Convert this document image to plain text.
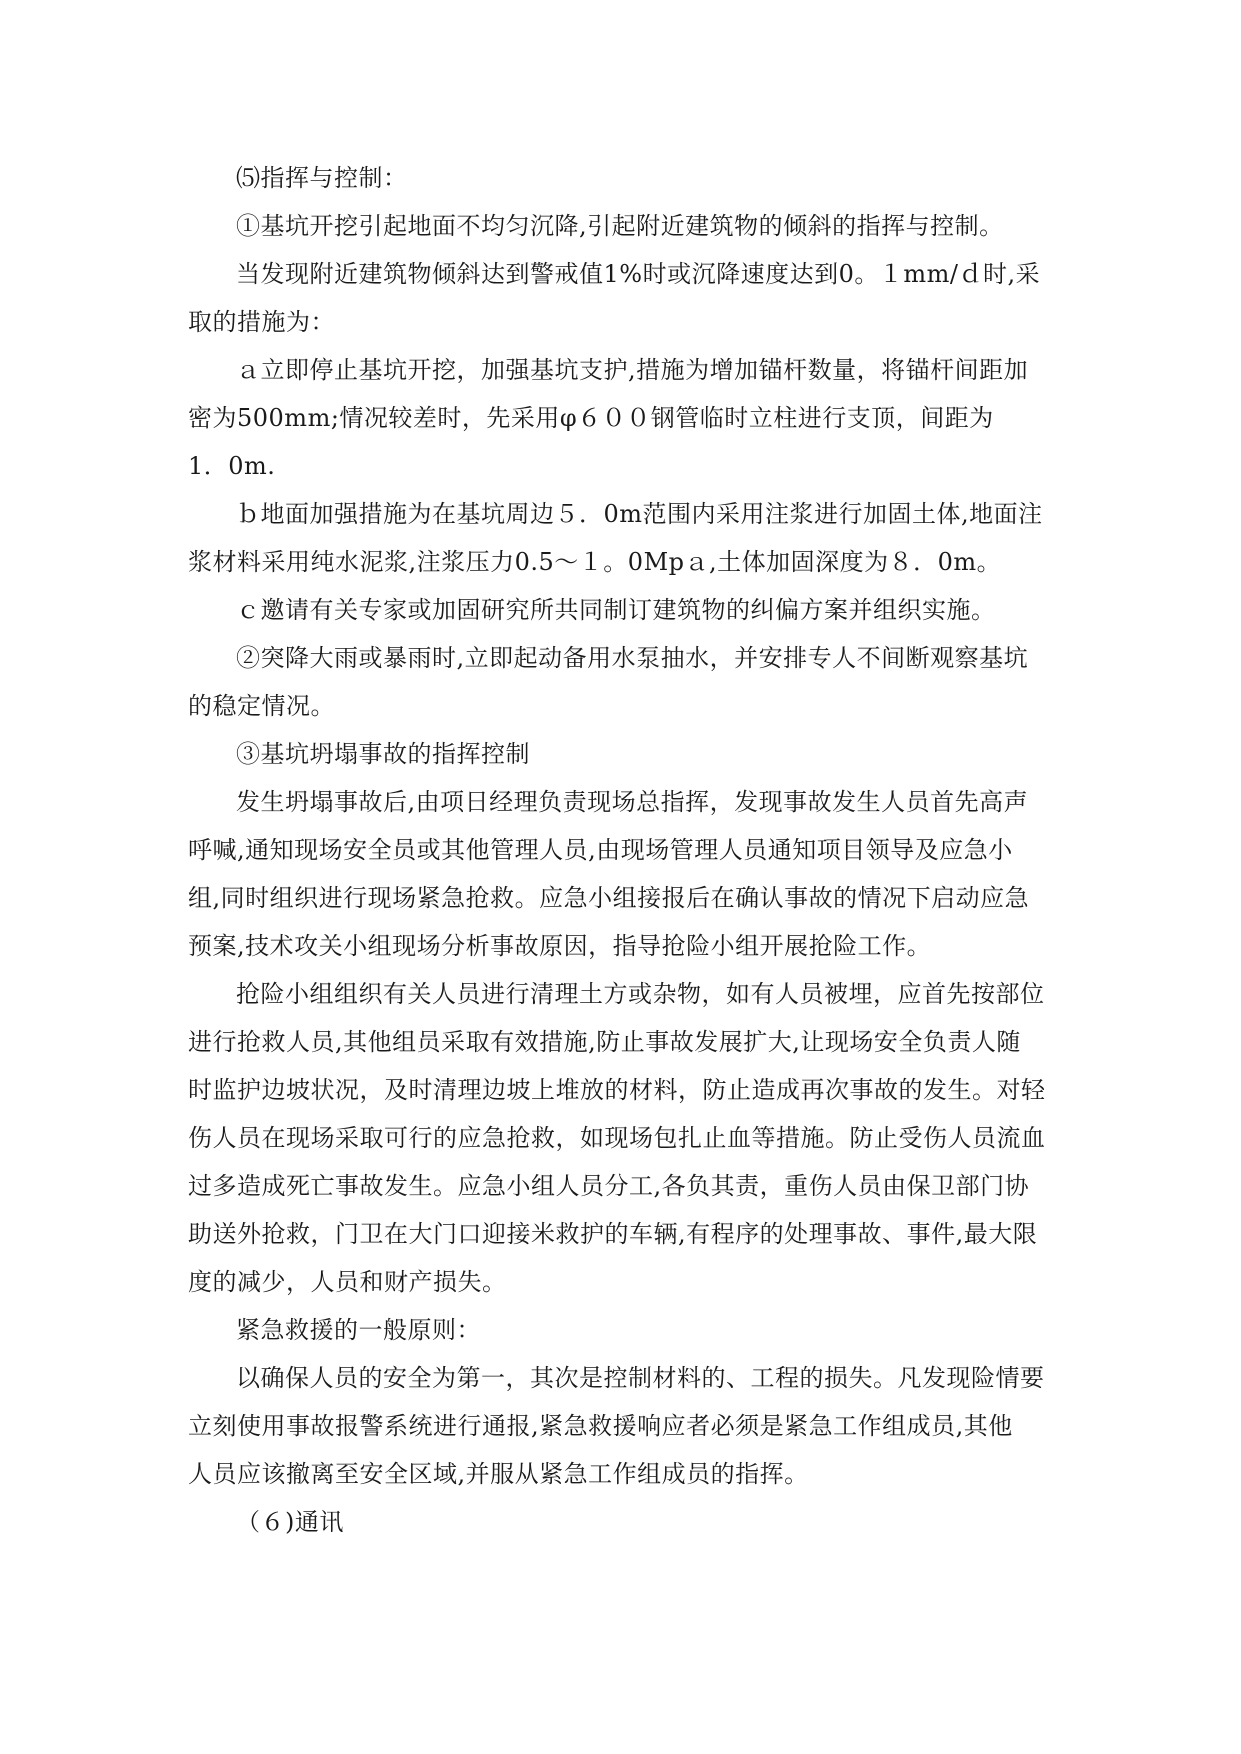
⑸指挥与控制：

①基坑开挖引起地面不均匀沉降,引起附近建筑物的倾斜的指挥与控制。

当发现附近建筑物倾斜达到警戒值1%时或沉降速度达到0。１mm/ｄ时,采
取的措施为：

ａ立即停止基坑开挖，加强基坑支护,措施为增加锚杆数量，将锚杆间距加
密为500mm;情况较差时，先采用φ６００钢管临时立柱进行支顶，间距为
1．0m.

ｂ地面加强措施为在基坑周边５．0m范围内采用注浆进行加固土体,地面注
浆材料采用纯水泥浆,注浆压力0.5～１。0Mpａ,土体加固深度为８．0m。

ｃ邀请有关专家或加固研究所共同制订建筑物的纠偏方案并组织实施。

②突降大雨或暴雨时,立即起动备用水泵抽水，并安排专人不间断观察基坑
的稳定情况。

③基坑坍塌事故的指挥控制

发生坍塌事故后,由项日经理负责现场总指挥，发现事故发生人员首先高声
呼喊,通知现场安全员或其他管理人员,由现场管理人员通知项目领导及应急小
组,同时组织进行现场紧急抢救。应急小组接报后在确认事故的情况下启动应急
预案,技术攻关小组现场分析事故原因，指导抢险小组开展抢险工作。

抢险小组组织有关人员进行清理土方或杂物，如有人员被埋，应首先按部位
进行抢救人员,其他组员采取有效措施,防止事故发展扩大,让现场安全负责人随
时监护边坡状况，及时清理边坡上堆放的材料，防止造成再次事故的发生。对轻
伤人员在现场采取可行的应急抢救，如现场包扎止血等措施。防止受伤人员流血
过多造成死亡事故发生。应急小组人员分工,各负其责，重伤人员由保卫部门协
助送外抢救，门卫在大门口迎接米救护的车辆,有程序的处理事故、事件,最大限
度的减少，人员和财产损失。

紧急救援的一般原则：

以确保人员的安全为第一，其次是控制材料的、工程的损失。凡发现险情要
立刻使用事故报警系统进行通报,紧急救援响应者必须是紧急工作组成员,其他
人员应该撤离至安全区域,并服从紧急工作组成员的指挥。

（６)通讯
